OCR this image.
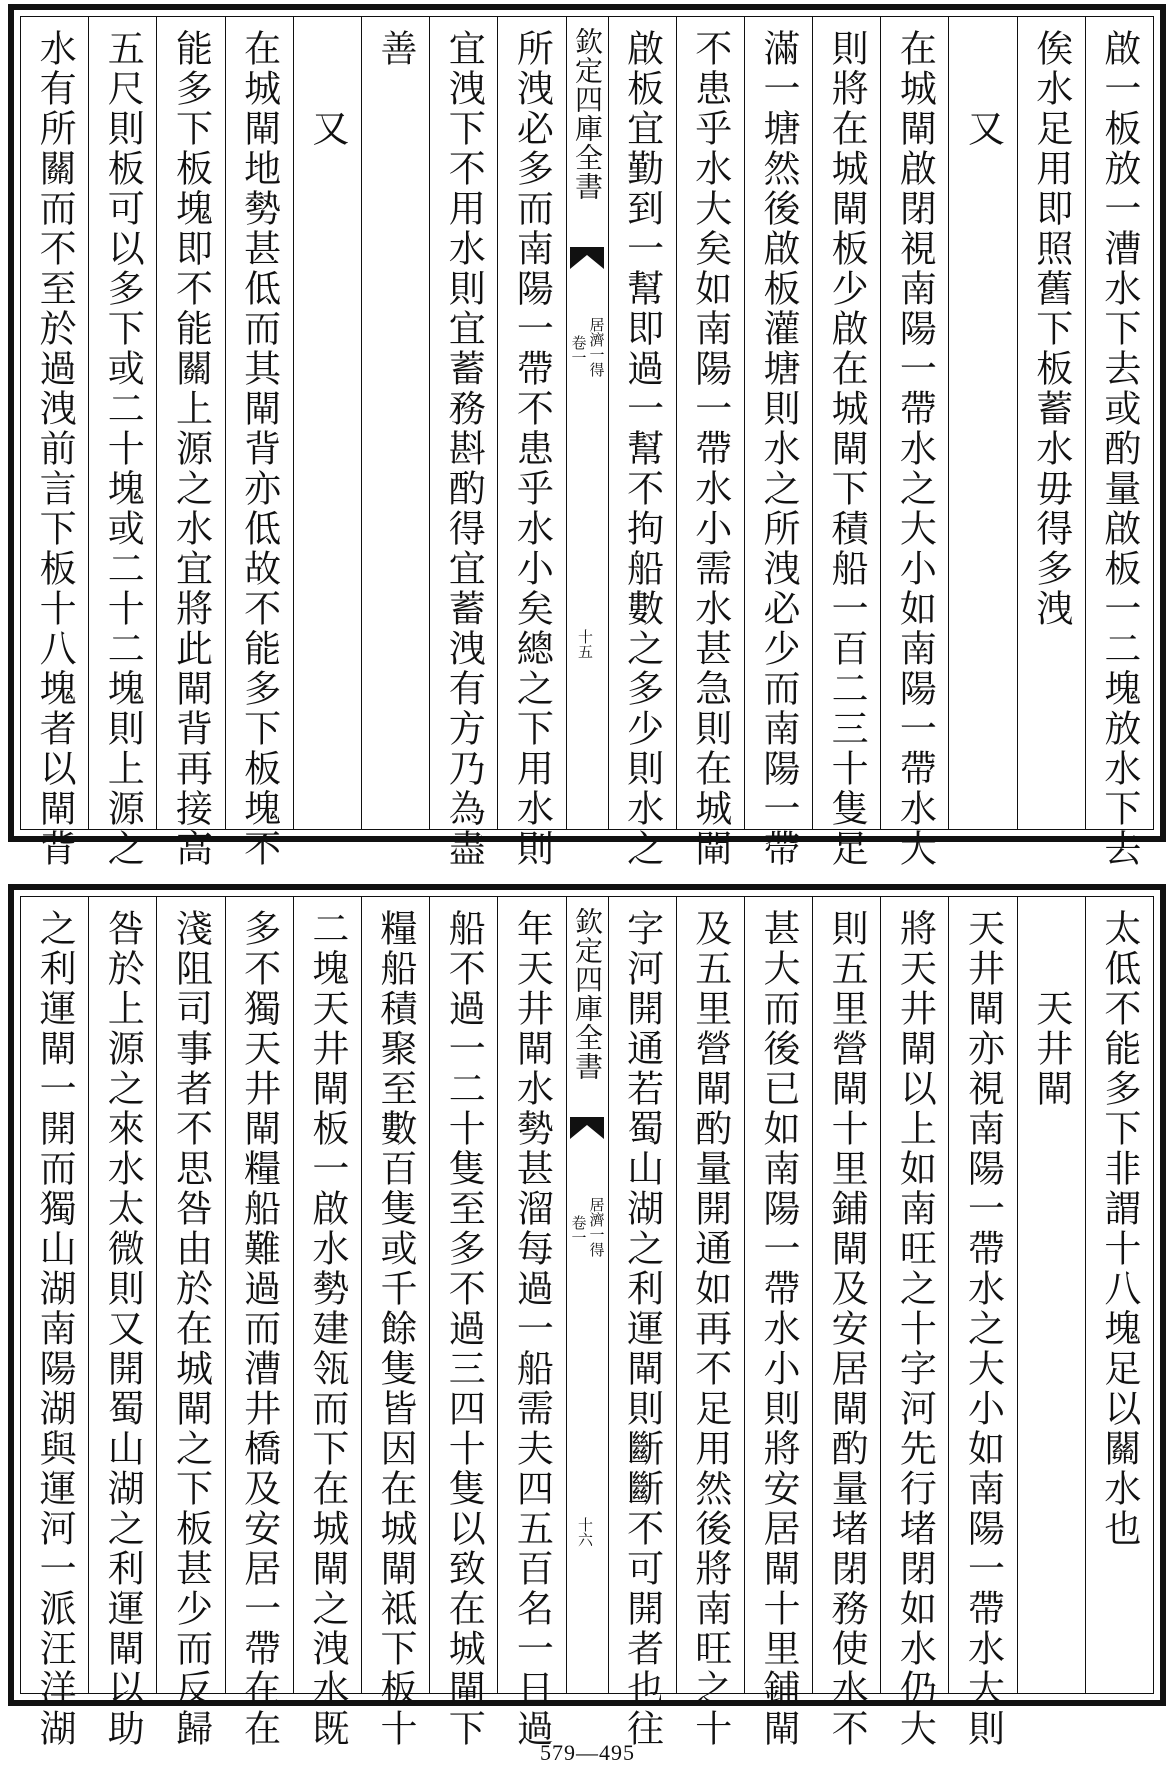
啟一板放一漕水下去或酌量啟板一二塊放水下去
俟水足用即照舊下板蓄水毋得多洩
又
在城閘啟閉視南陽一帶水之大小如南陽一帶水大
則將在城閘板少啟在城閘下積船一百二三十隻足
滿一塘然後啟板灌塘則水之所洩必少而南陽一帶
不患乎水大矣如南陽一帶水小需水甚急則在城閘
啟板宜勤到一幫即過一幫不拘船數之多少則水之
欽定四庫全書
居濟一得
卷一
十五
所洩必多而南陽一帶不患乎水小矣總之下用水則
宜洩下不用水則宜蓄務斟酌得宜蓄洩有方乃為盡
善
又
在城閘地勢甚低而其閘背亦低故不能多下板塊不
能多下板塊即不能關上源之水宜將此閘背再接高
五尺則板可以多下或二十塊或二十二塊則上源之
水有所關而不至於過洩前言下板十八塊者以閘背
太低不能多下非謂十八塊足以關水也
天井閘
天井閘亦視南陽一帶水之大小如南陽一帶水大則
將天井閘以上如南旺之十字河先行堵閉如水仍大
則五里營閘十里鋪閘及安居閘酌量堵閉務使水不
甚大而後已如南陽一帶水小則將安居閘十里鋪閘
及五里營閘酌量開通如再不足用然後將南旺之十
字河開通若蜀山湖之利運閘則斷斷不可開者也往
欽定四庫全書
居濟一得
卷一
十六
年天井閘水勢甚溜每過一船需夫四五百名一日過
船不過一二十隻至多不過三四十隻以致在城閘下
糧船積聚至數百隻或千餘隻皆因在城閘祗下板十
二塊天井閘板一啟水勢建瓴而下在城閘之洩水既
多不獨天井閘糧船難過而漕井橋及安居一帶在在
淺阻司事者不思咎由於在城閘之下板甚少而反歸
咎於上源之來水太微則又開蜀山湖之利運閘以助
之利運閘一開而獨山湖南陽湖與運河一派汪洋湖
579—495
